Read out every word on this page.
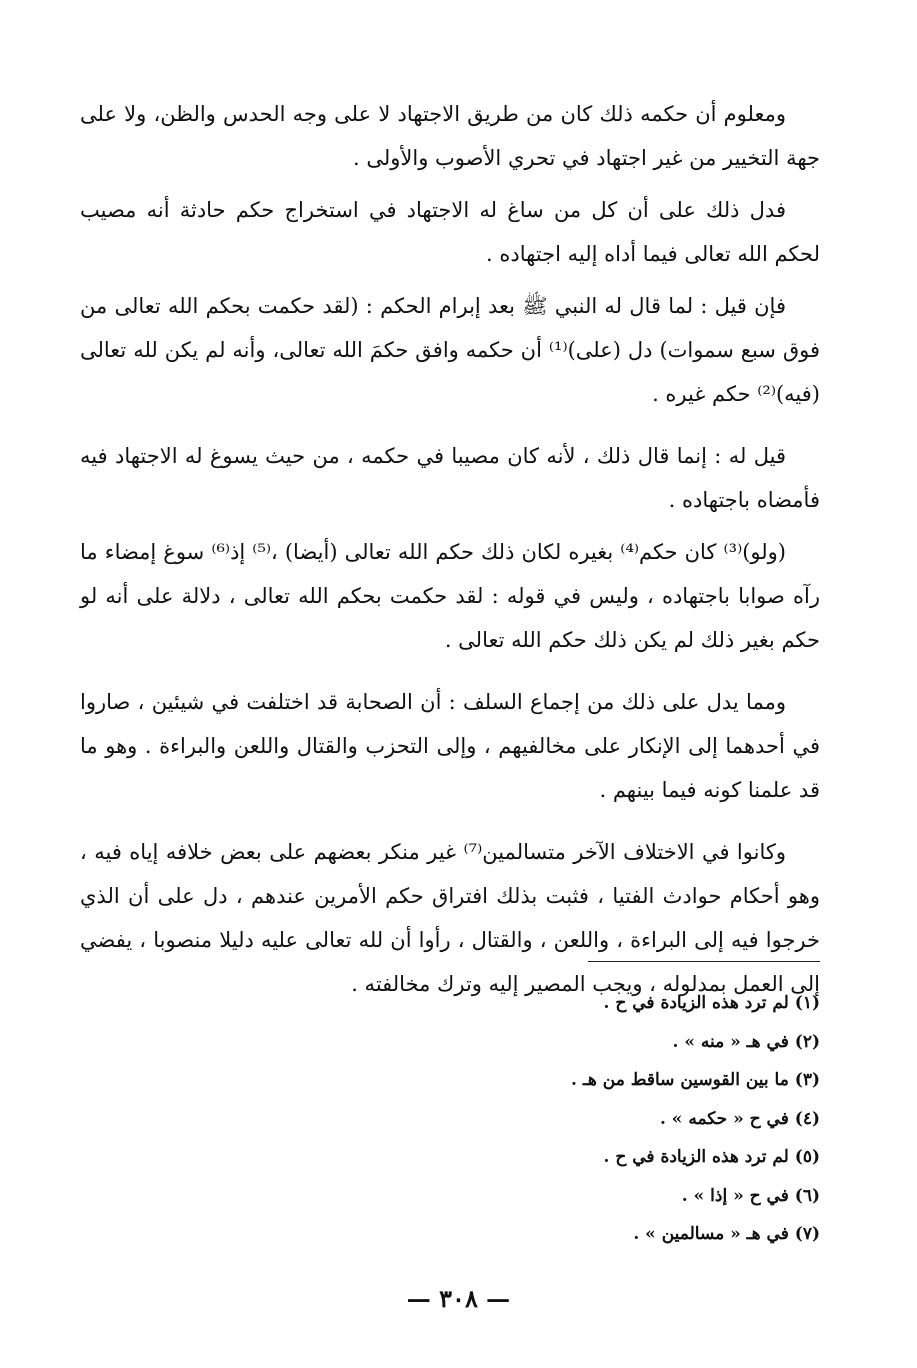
ومعلوم أن حكمه ذلك كان من طريق الاجتهاد لا على وجه الحدس والظن، ولا على جهة التخيير من غير اجتهاد في تحري الأصوب والأولى .

فدل ذلك على أن كل من ساغ له الاجتهاد في استخراج حكم حادثة أنه مصيب لحكم الله تعالى فيما أداه إليه اجتهاده .

فإن قيل : لما قال له النبي ﷺ بعد إبرام الحكم : (لقد حكمت بحكم الله تعالى من فوق سبع سموات) دل (على)⁽¹⁾ أن حكمه وافق حكمَ الله تعالى، وأنه لم يكن لله تعالى (فيه)⁽²⁾ حكم غيره .

قيل له : إنما قال ذلك ، لأنه كان مصيبا في حكمه ، من حيث يسوغ له الاجتهاد فيه فأمضاه باجتهاده .

(ولو)⁽³⁾ كان حكم⁽⁴⁾ بغيره لكان ذلك حكم الله تعالى (أيضا) ،⁽⁵⁾ إذ⁽⁶⁾ سوغ إمضاء ما رآه صوابا باجتهاده ، وليس في قوله : لقد حكمت بحكم الله تعالى ، دلالة على أنه لو حكم بغير ذلك لم يكن ذلك حكم الله تعالى .

ومما يدل على ذلك من إجماع السلف : أن الصحابة قد اختلفت في شيئين ، صاروا في أحدهما إلى الإنكار على مخالفيهم ، وإلى التحزب والقتال واللعن والبراءة . وهو ما قد علمنا كونه فيما بينهم .

وكانوا في الاختلاف الآخر متسالمين⁽⁷⁾ غير منكر بعضهم على بعض خلافه إياه فيه ، وهو أحكام حوادث الفتيا ، فثبت بذلك افتراق حكم الأمرين عندهم ، دل على أن الذي خرجوا فيه إلى البراءة ، واللعن ، والقتال ، رأوا أن لله تعالى عليه دليلا منصوبا ، يفضي إلى العمل بمدلوله ، ويجب المصير إليه وترك مخالفته .

(١) لم ترد هذه الزيادة في ح .
(٢) في هـ « منه » .
(٣) ما بين القوسين ساقط من هـ .
(٤) في ح « حكمه » .
(٥) لم ترد هذه الزيادة في ح .
(٦) في ح « إذا » .
(٧) في هـ « مسالمين » .
— ٣٠٨ —
